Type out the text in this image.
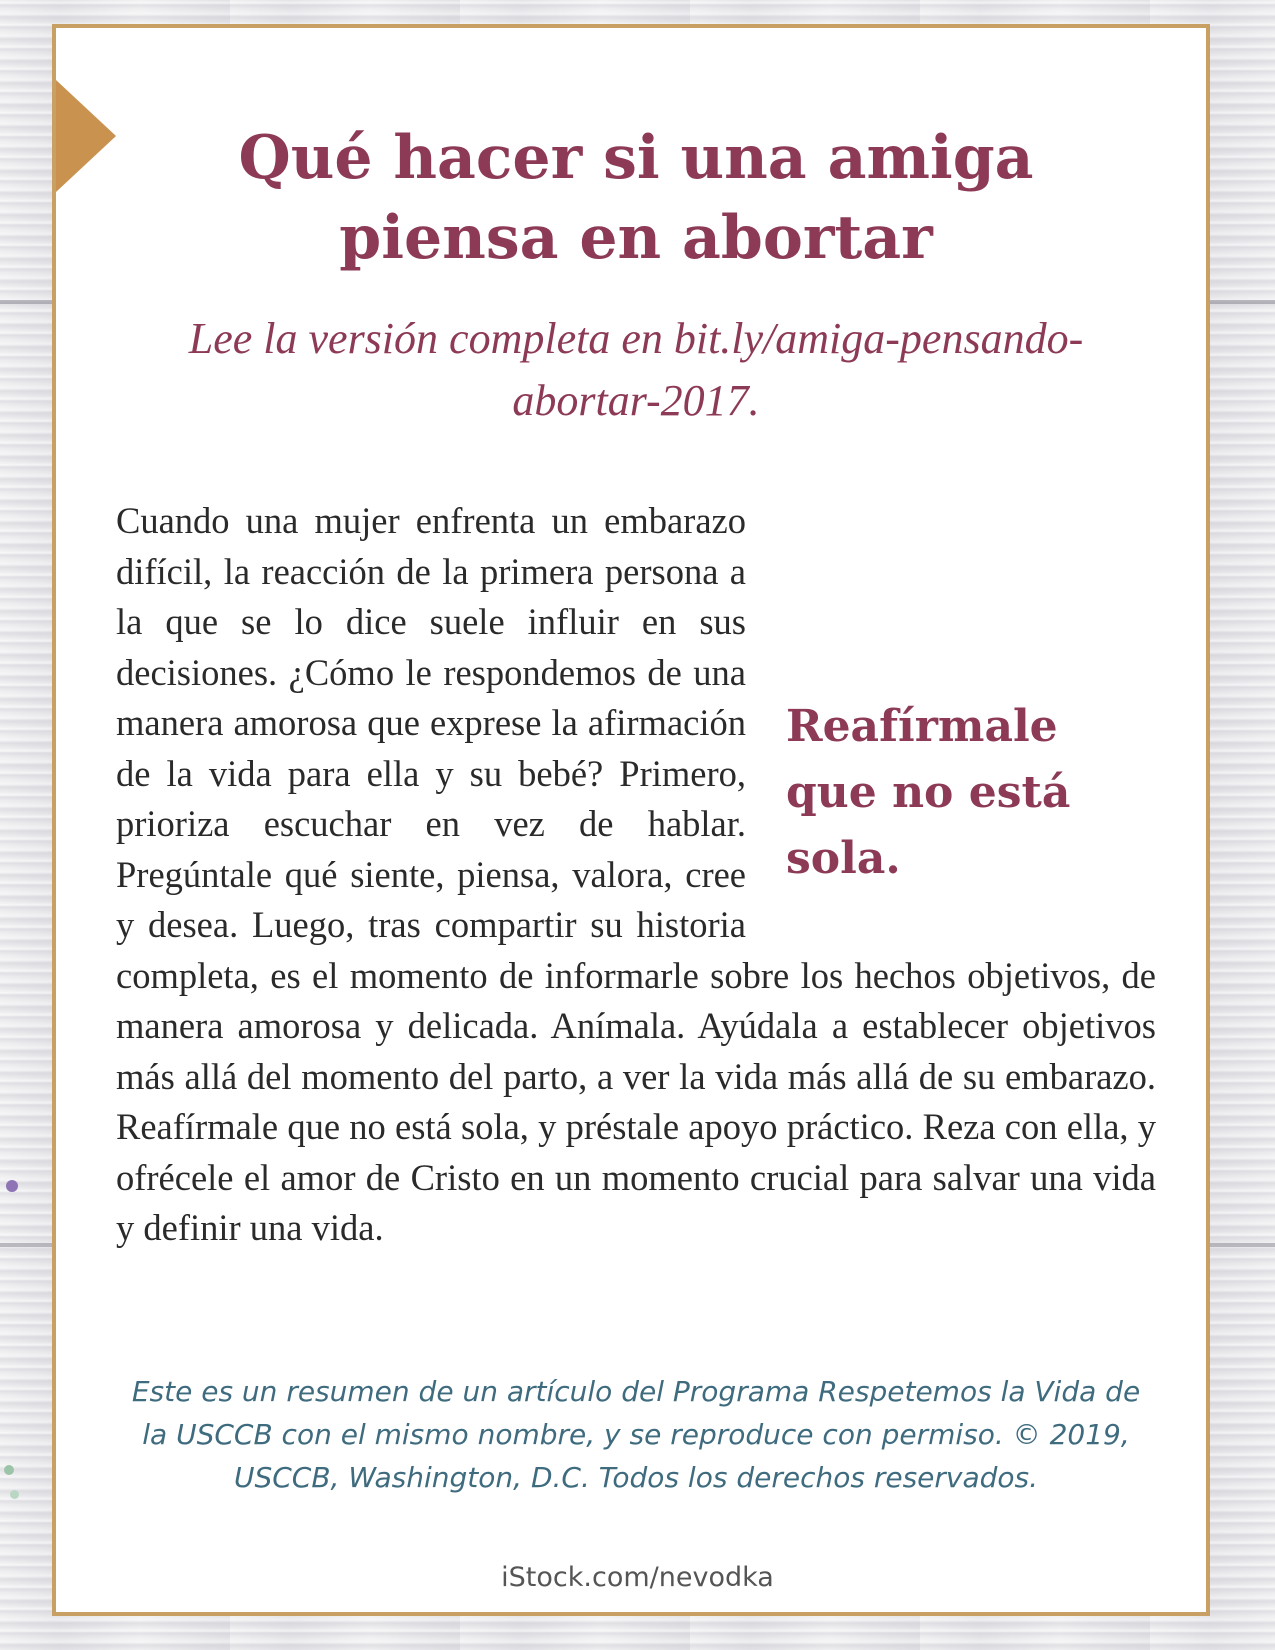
Qué hacer si una amiga piensa en abortar

Lee la versión completa en bit.ly/amiga-pensando-abortar-2017.

Reafírmale que no está sola.
Cuando una mujer enfrenta un embarazo difícil, la reacción de la primera persona a la que se lo dice suele influir en sus decisiones. ¿Cómo le respondemos de una manera amorosa que exprese la afirmación de la vida para ella y su bebé? Primero, prioriza escuchar en vez de hablar. Pregúntale qué siente, piensa, valora, cree y desea. Luego, tras compartir su historia completa, es el momento de informarle sobre los hechos objetivos, de manera amorosa y delicada. Anímala. Ayúdala a establecer objetivos más allá del momento del parto, a ver la vida más allá de su embarazo. Reafírmale que no está sola, y préstale apoyo práctico. Reza con ella, y ofrécele el amor de Cristo en un momento crucial para salvar una vida y definir una vida.

Este es un resumen de un artículo del Programa Respetemos la Vida de la USCCB con el mismo nombre, y se reproduce con permiso. © 2019, USCCB, Washington, D.C. Todos los derechos reservados.

iStock.com/nevodka
